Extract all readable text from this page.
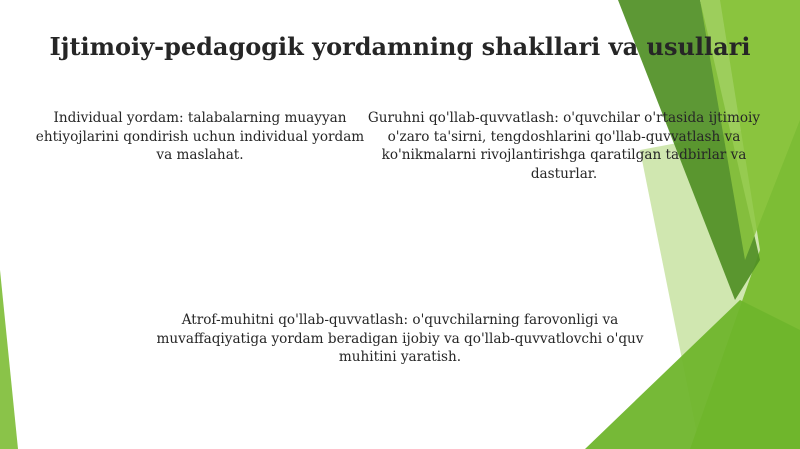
Ijtimoiy-pedagogik yordamning shakllari va usullari

Individual yordam: talabalarning muayyan ehtiyojlarini qondirish uchun individual yordam va maslahat.

Guruhni qo'llab-quvvatlash: o'quvchilar o'rtasida ijtimoiy o'zaro ta'sirni, tengdoshlarini qo'llab-quvvatlash va ko'nikmalarni rivojlantirishga qaratilgan tadbirlar va dasturlar.

Atrof-muhitni qo'llab-quvvatlash: o'quvchilarning farovonligi va muvaffaqiyatiga yordam beradigan ijobiy va qo'llab-quvvatlovchi o'quv muhitini yaratish.
